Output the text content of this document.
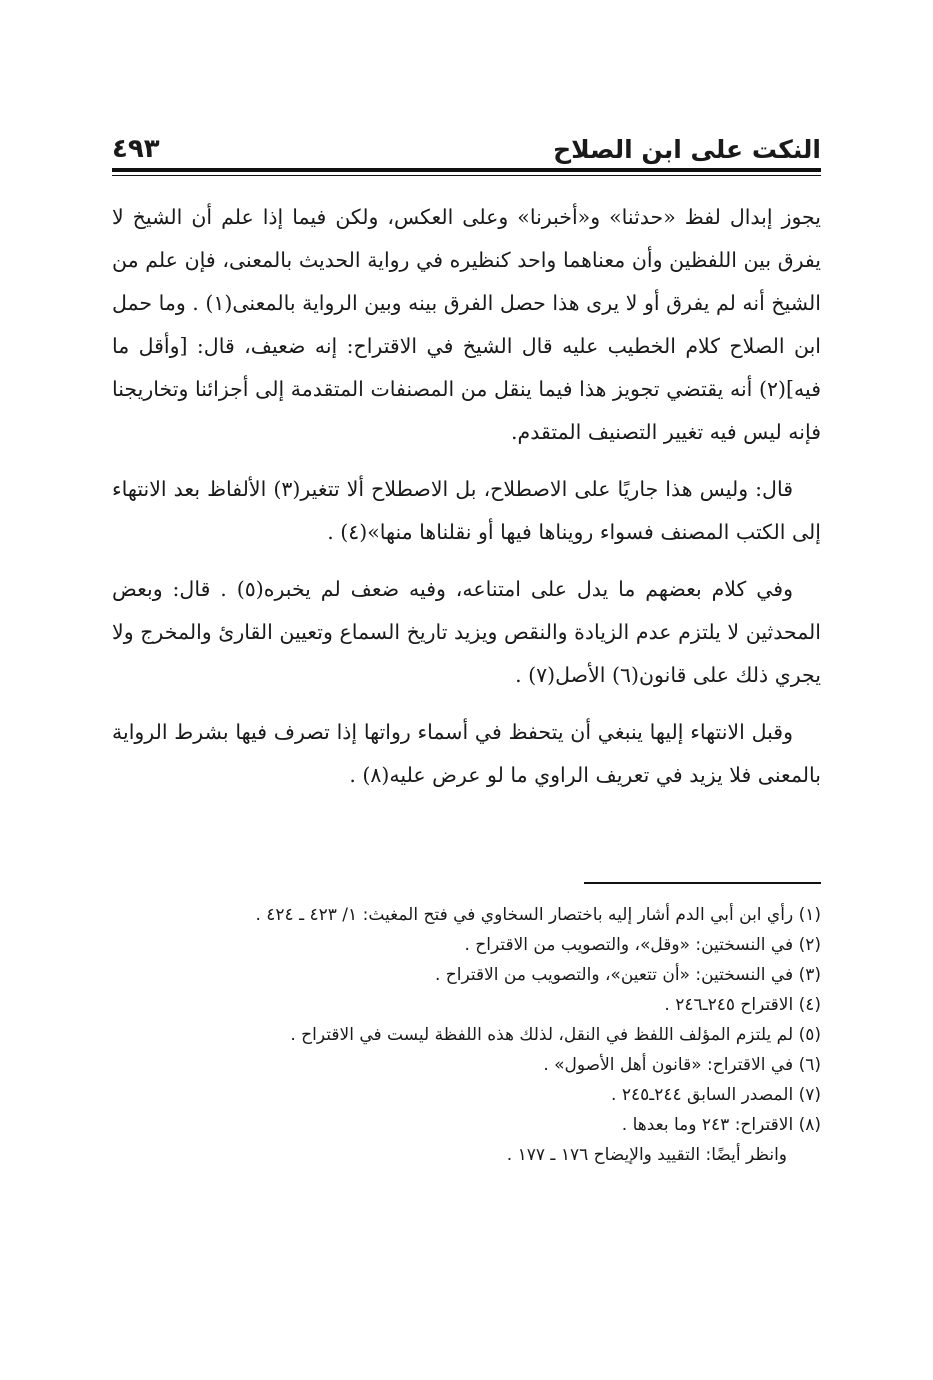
النكت على ابن الصلاح
٤٩٣

يجوز إبدال لفظ «حدثنا» و«أخبرنا» وعلى العكس، ولكن فيما إذا علم أن الشيخ لا يفرق بين اللفظين وأن معناهما واحد كنظيره في رواية الحديث بالمعنى، فإن علم من الشيخ أنه لم يفرق أو لا يرى هذا حصل الفرق بينه وبين الرواية بالمعنى(١) . وما حمل ابن الصلاح كلام الخطيب عليه قال الشيخ في الاقتراح: إنه ضعيف، قال: [وأقل ما فيه](٢) أنه يقتضي تجويز هذا فيما ينقل من المصنفات المتقدمة إلى أجزائنا وتخاريجنا فإنه ليس فيه تغيير التصنيف المتقدم.

قال: وليس هذا جاريًا على الاصطلاح، بل الاصطلاح ألا تتغير(٣) الألفاظ بعد الانتهاء إلى الكتب المصنف فسواء رويناها فيها أو نقلناها منها»(٤) .

وفي كلام بعضهم ما يدل على امتناعه، وفيه ضعف لم يخبره(٥) . قال: وبعض المحدثين لا يلتزم عدم الزيادة والنقص ويزيد تاريخ السماع وتعيين القارئ والمخرج ولا يجري ذلك على قانون(٦) الأصل(٧) .

وقبل الانتهاء إليها ينبغي أن يتحفظ في أسماء رواتها إذا تصرف فيها بشرط الرواية بالمعنى فلا يزيد في تعريف الراوي ما لو عرض عليه(٨) .

(١) رأي ابن أبي الدم أشار إليه باختصار السخاوي في فتح المغيث: ١/ ٤٢٣ ـ ٤٢٤ .
(٢) في النسختين: «وقل»، والتصويب من الاقتراح .
(٣) في النسختين: «أن تتعين»، والتصويب من الاقتراح .
(٤) الاقتراح ٢٤٥ـ٢٤٦ .
(٥) لم يلتزم المؤلف اللفظ في النقل، لذلك هذه اللفظة ليست في الاقتراح .
(٦) في الاقتراح: «قانون أهل الأصول» .
(٧) المصدر السابق ٢٤٤ـ٢٤٥ .
(٨) الاقتراح: ٢٤٣ وما بعدها .
وانظر أيضًا: التقييد والإيضاح ١٧٦ ـ ١٧٧ .
